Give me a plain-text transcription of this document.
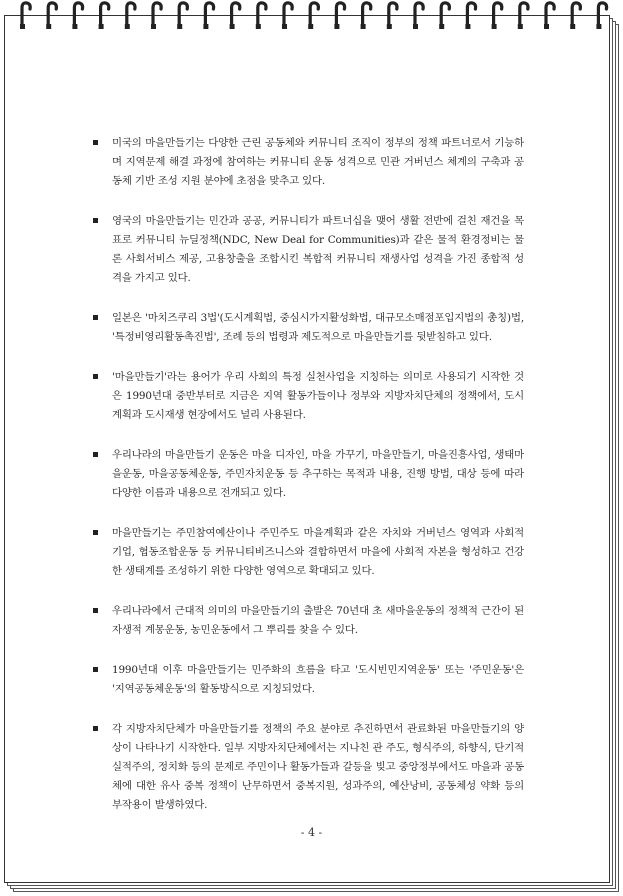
미국의 마을만들기는 다양한 근린 공동체와 커뮤니티 조직이 정부의 정책 파트너로서 기능하며 지역문제 해결 과정에 참여하는 커뮤니티 운동 성격으로 민관 거버넌스 체계의 구축과 공동체 기반 조성 지원 분야에 초점을 맞추고 있다.
영국의 마을만들기는 민간과 공공, 커뮤니티가 파트너십을 맺어 생활 전반에 걸친 재건을 목표로 커뮤니티 뉴딜정책(NDC, New Deal for Communities)과 같은 물적 환경정비는 물론 사회서비스 제공, 고용창출을 조합시킨 복합적 커뮤니티 재생사업 성격을 가진 종합적 성격을 가지고 있다.
일본은 '마치즈쿠리 3법'(도시계획법, 중심시가지활성화법, 대규모소매점포입지법의 총칭)법, '특정비영리활동촉진법', 조례 등의 법령과 제도적으로 마을만들기를 뒷받침하고 있다.
'마을만들기'라는 용어가 우리 사회의 특정 실천사업을 지칭하는 의미로 사용되기 시작한 것은 1990년대 중반부터로 지금은 지역 활동가들이나 정부와 지방자치단체의 정책에서, 도시계획과 도시재생 현장에서도 널리 사용된다.
우리나라의 마을만들기 운동은 마을 디자인, 마을 가꾸기, 마을만들기, 마을진흥사업, 생태마을운동, 마을공동체운동, 주민자치운동 등 추구하는 목적과 내용, 진행 방법, 대상 등에 따라 다양한 이름과 내용으로 전개되고 있다.
마을만들기는 주민참여예산이나 주민주도 마을계획과 같은 자치와 거버넌스 영역과 사회적 기업, 협동조합운동 등 커뮤니티비즈니스와 결합하면서 마을에 사회적 자본을 형성하고 건강한 생태계를 조성하기 위한 다양한 영역으로 확대되고 있다.
우리나라에서 근대적 의미의 마을만들기의 출발은 70년대 초 새마을운동의 정책적 근간이 된 자생적 계몽운동, 농민운동에서 그 뿌리를 찾을 수 있다.
1990년대 이후 마을만들기는 민주화의 흐름을 타고 '도시빈민지역운동' 또는 '주민운동'은 '지역공동체운동'의 활동방식으로 지칭되었다.
각 지방자치단체가 마을만들기를 정책의 주요 분야로 추진하면서 관료화된 마을만들기의 양상이 나타나기 시작한다. 일부 지방자치단체에서는 지나친 관 주도, 형식주의, 하향식, 단기적 실적주의, 정치화 등의 문제로 주민이나 활동가들과 갈등을 빚고 중앙정부에서도 마을과 공동체에 대한 유사 중복 정책이 난무하면서 중복지원, 성과주의, 예산낭비, 공동체성 약화 등의 부작용이 발생하였다.
- 4 -
